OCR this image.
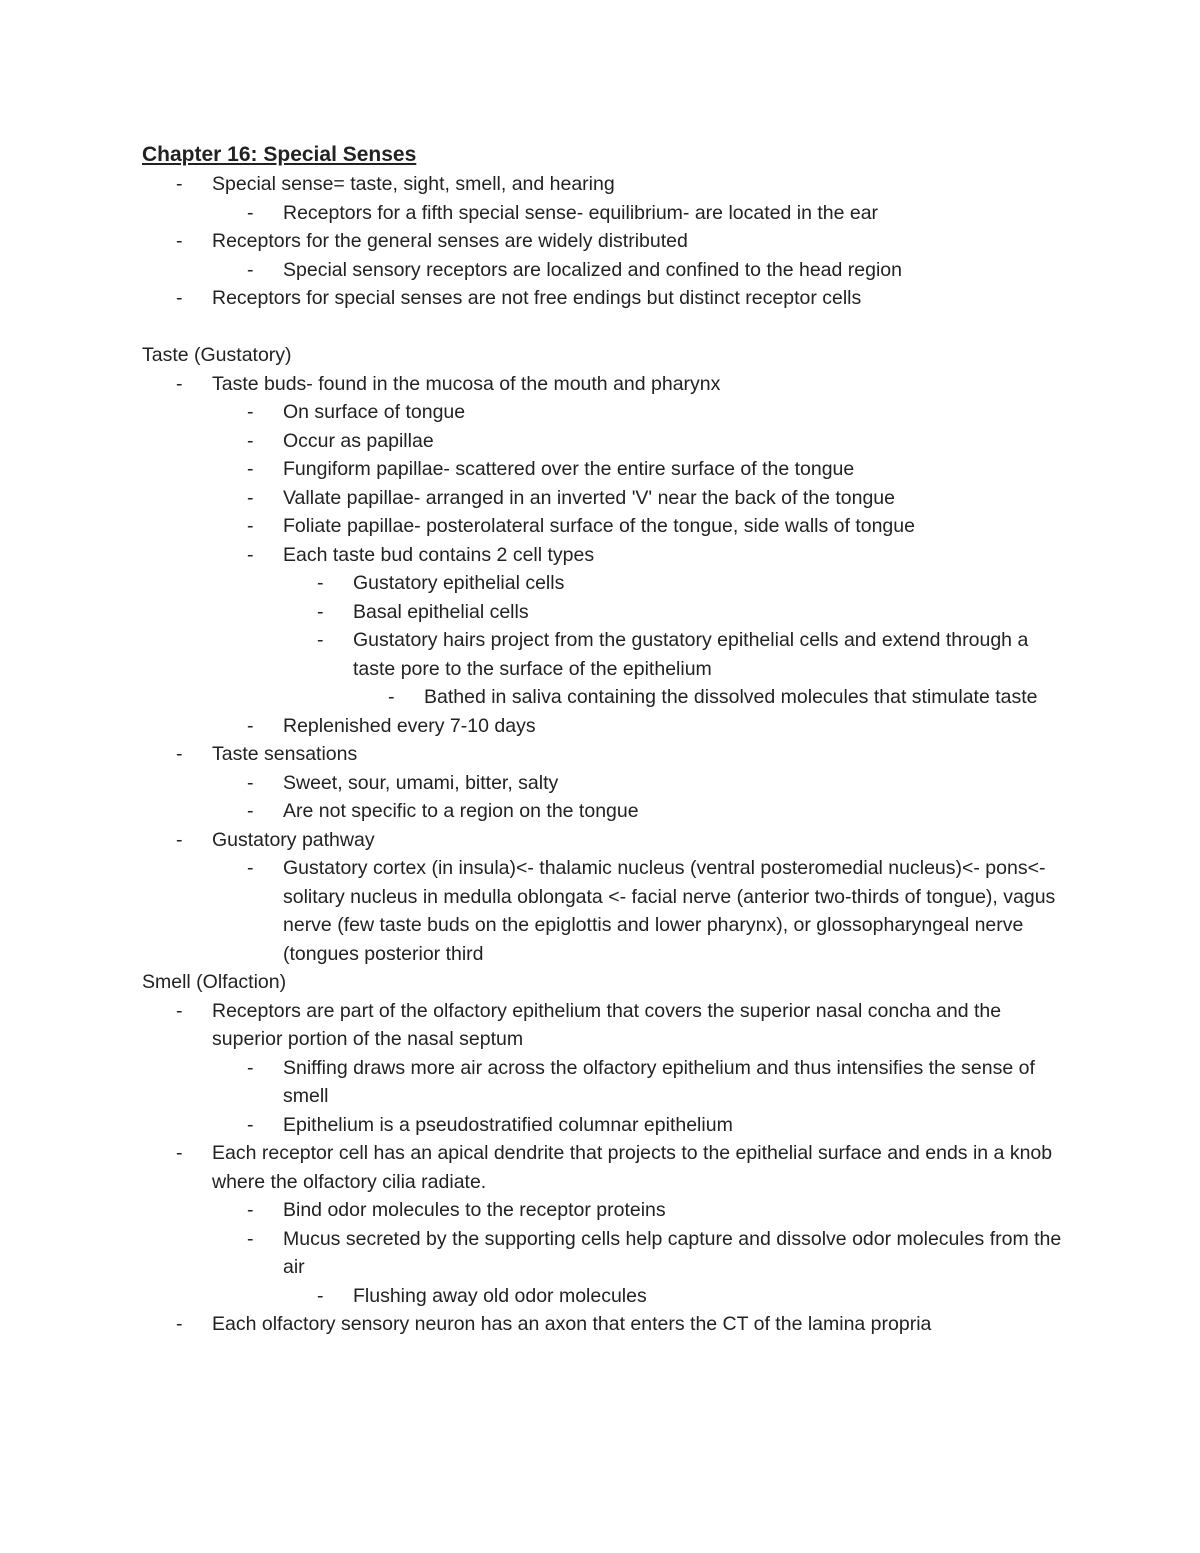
Chapter 16: Special Senses
- Special sense= taste, sight, smell, and hearing
- Receptors for a fifth special sense- equilibrium- are located in the ear
- Receptors for the general senses are widely distributed
- Special sensory receptors are localized and confined to the head region
- Receptors for special senses are not free endings but distinct receptor cells

Taste (Gustatory)

- Taste buds- found in the mucosa of the mouth and pharynx
- On surface of tongue
- Occur as papillae
- Fungiform papillae- scattered over the entire surface of the tongue
- Vallate papillae- arranged in an inverted 'V' near the back of the tongue
- Foliate papillae- posterolateral surface of the tongue, side walls of tongue
- Each taste bud contains 2 cell types
- Gustatory epithelial cells
- Basal epithelial cells
- Gustatory hairs project from the gustatory epithelial cells and extend through a taste pore to the surface of the epithelium
- Bathed in saliva containing the dissolved molecules that stimulate taste
- Replenished every 7-10 days
- Taste sensations
- Sweet, sour, umami, bitter, salty
- Are not specific to a region on the tongue
- Gustatory pathway
- Gustatory cortex (in insula)<- thalamic nucleus (ventral posteromedial nucleus)<- pons<- solitary nucleus in medulla oblongata <- facial nerve (anterior two-thirds of tongue), vagus nerve (few taste buds on the epiglottis and lower pharynx), or glossopharyngeal nerve (tongues posterior third

Smell (Olfaction)

- Receptors are part of the olfactory epithelium that covers the superior nasal concha and the superior portion of the nasal septum
- Sniffing draws more air across the olfactory epithelium and thus intensifies the sense of smell
- Epithelium is a pseudostratified columnar epithelium
- Each receptor cell has an apical dendrite that projects to the epithelial surface and ends in a knob where the olfactory cilia radiate.
- Bind odor molecules to the receptor proteins
- Mucus secreted by the supporting cells help capture and dissolve odor molecules from the air
- Flushing away old odor molecules
- Each olfactory sensory neuron has an axon that enters the CT of the lamina propria
